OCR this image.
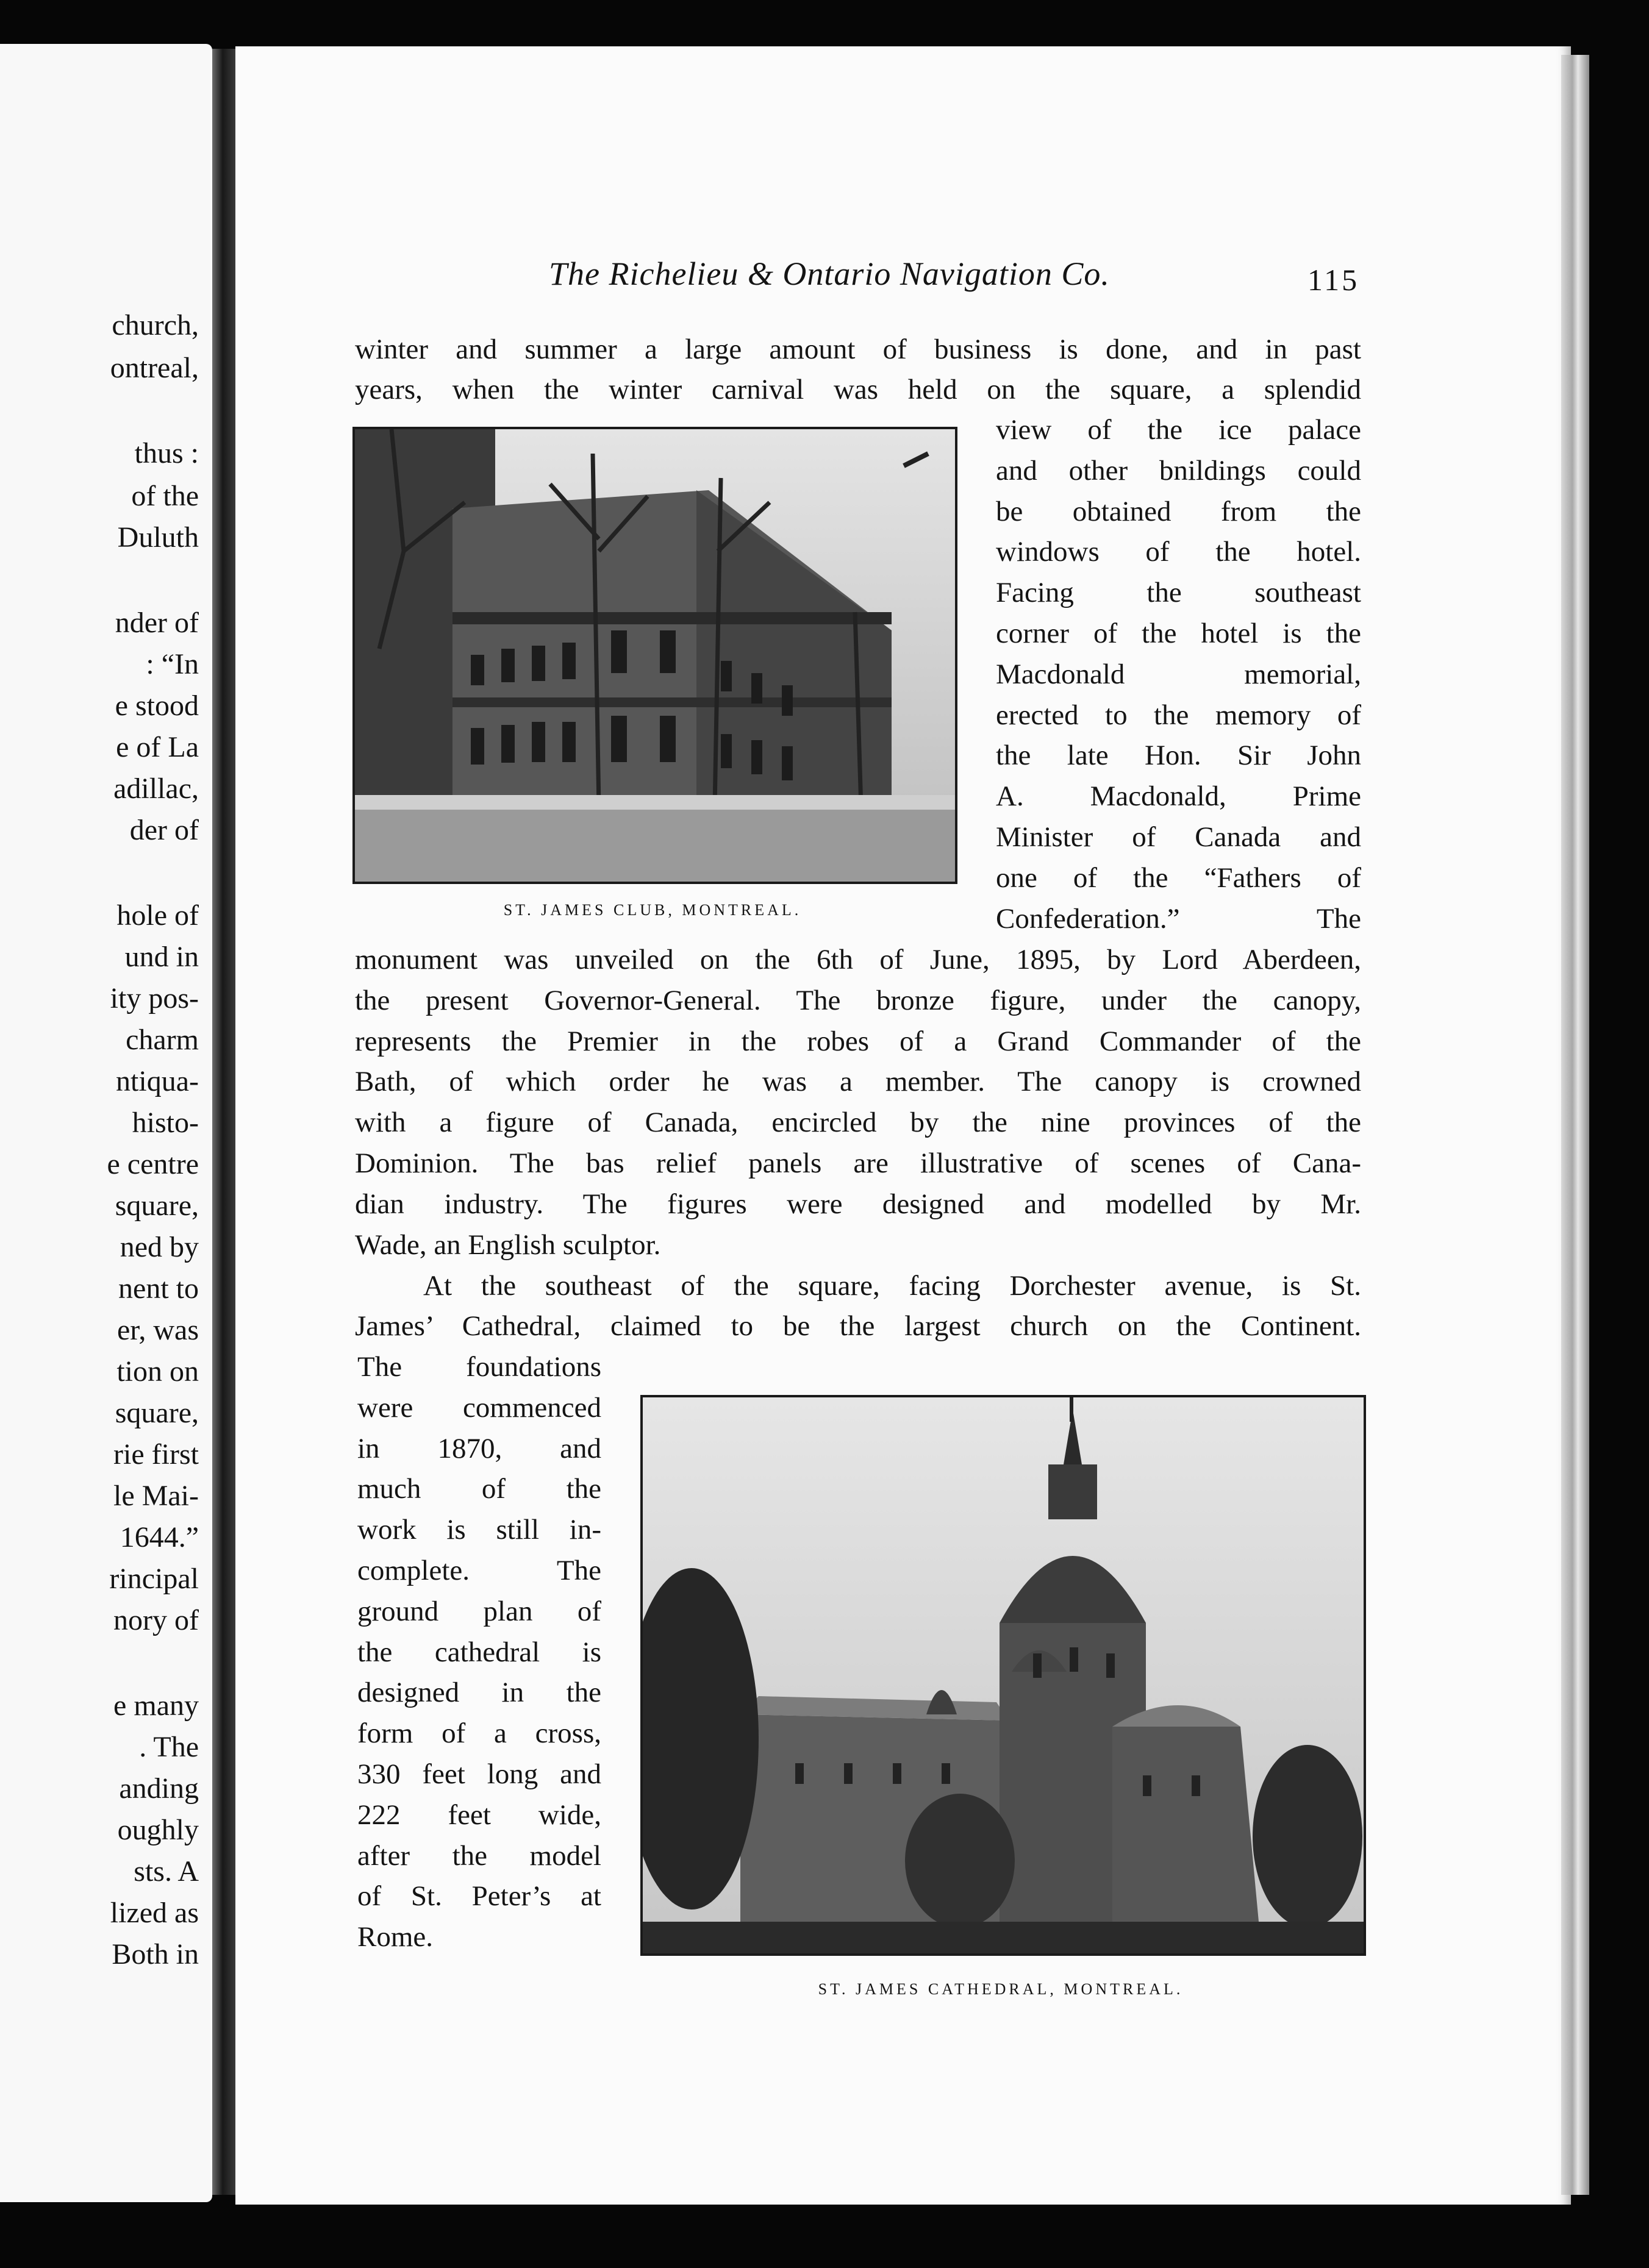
church,
ontreal,
thus :
of the
Duluth
nder of
: “In
e stood
e of La
adillac,
der of
hole of
und in
ity pos-
charm
ntiqua-
histo-
e centre
square,
ned by
nent to
er, was
tion on
square,
rie first
le Mai-
1644.”
rincipal
nory of
e many
. The
anding
oughly
sts. A
lized as
Both in
The Richelieu & Ontario Navigation Co.	115
winter and summer a large amount of business is done, and in past
years, when the winter carnival was held on the square, a splendid
ST. JAMES CLUB, MONTREAL.
view of the ice palace
and other bnildings could
be obtained from the
windows of the hotel.
Facing the southeast
corner of the hotel is the
Macdonald memorial,
erected to the memory of
the late Hon. Sir John
A. Macdonald, Prime
Minister of Canada and
one of the “Fathers of
Confederation.” The
monument was unveiled on the 6th of June, 1895, by Lord Aberdeen,
the present Governor-General. The bronze figure, under the canopy,
represents the Premier in the robes of a Grand Commander of the
Bath, of which order he was a member. The canopy is crowned
with a figure of Canada, encircled by the nine provinces of the
Dominion. The bas relief panels are illustrative of scenes of Cana-
dian industry. The figures were designed and modelled by Mr.
Wade, an English sculptor.
At the southeast of the square, facing Dorchester avenue, is St.
James’ Cathedral, claimed to be the largest church on the Continent.
The foundations
were commenced
in 1870, and
much of the
work is still in-
complete. The
ground plan of
the cathedral is
designed in the
form of a cross,
330 feet long and
222 feet wide,
after the model
of St. Peter’s at
Rome.
ST. JAMES CATHEDRAL, MONTREAL.
